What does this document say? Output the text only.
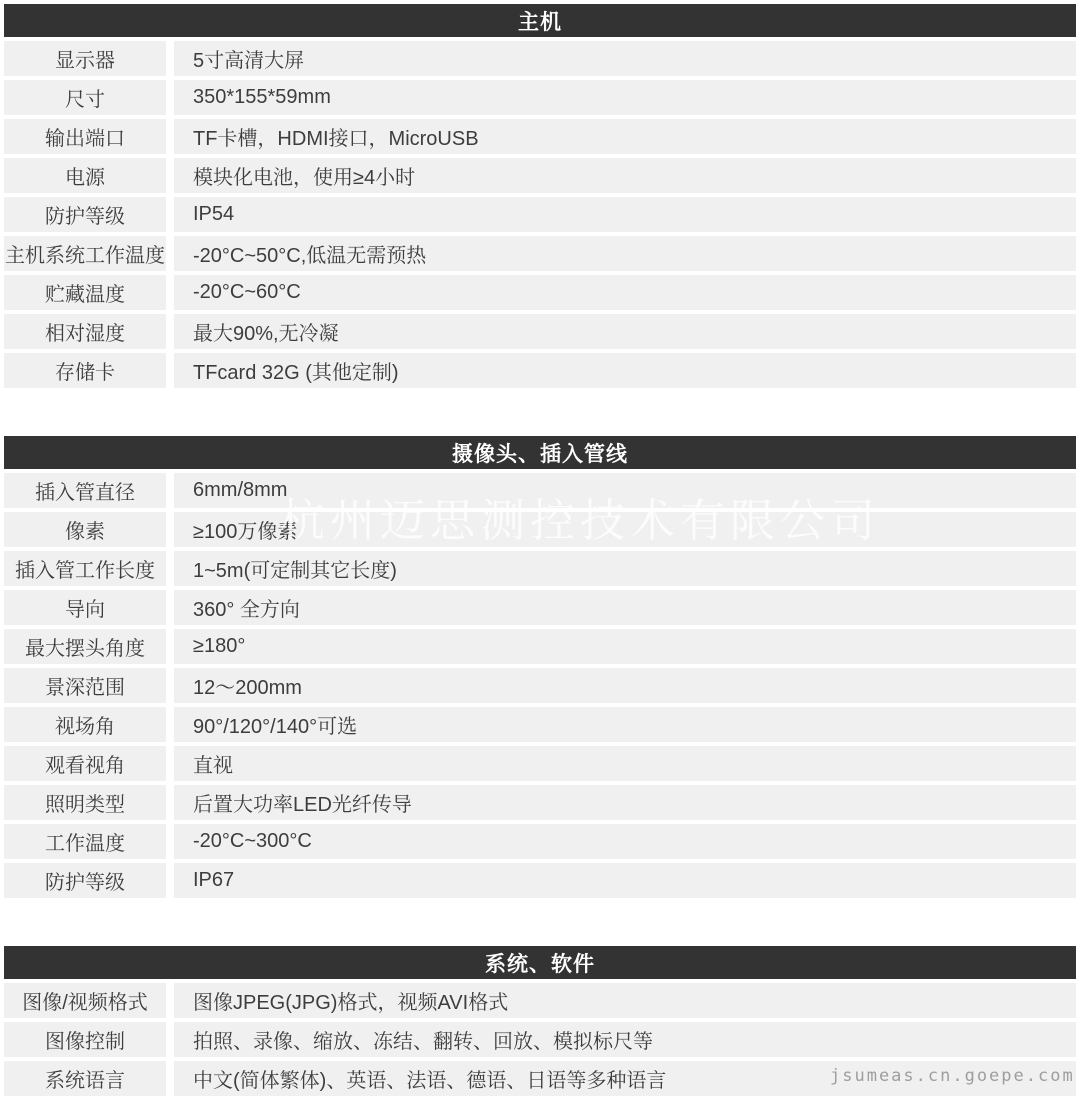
主机
显示器	5寸高清大屏
尺寸	350*155*59mm
输出端口	TF卡槽，HDMI接口，MicroUSB
电源	模块化电池，使用≥4小时
防护等级	IP54
主机系统工作温度	-20°C~50°C,低温无需预热
贮藏温度	-20°C~60°C
相对湿度	最大90%,无冷凝
存储卡	TFcard 32G (其他定制)
摄像头、插入管线
插入管直径	6mm/8mm
像素	≥100万像素
插入管工作长度	1~5m(可定制其它长度)
导向	360° 全方向
最大摆头角度	≥180°
景深范围	12～200mm
视场角	90°/120°/140°可选
观看视角	直视
照明类型	后置大功率LED光纤传导
工作温度	-20°C~300°C
防护等级	IP67
系统、软件
图像/视频格式	图像JPEG(JPG)格式，视频AVI格式
图像控制	拍照、录像、缩放、冻结、翻转、回放、模拟标尺等
系统语言	中文(简体繁体)、英语、法语、德语、日语等多种语言
杭州迈思测控技术有限公司
jsumeas.cn.goepe.com
